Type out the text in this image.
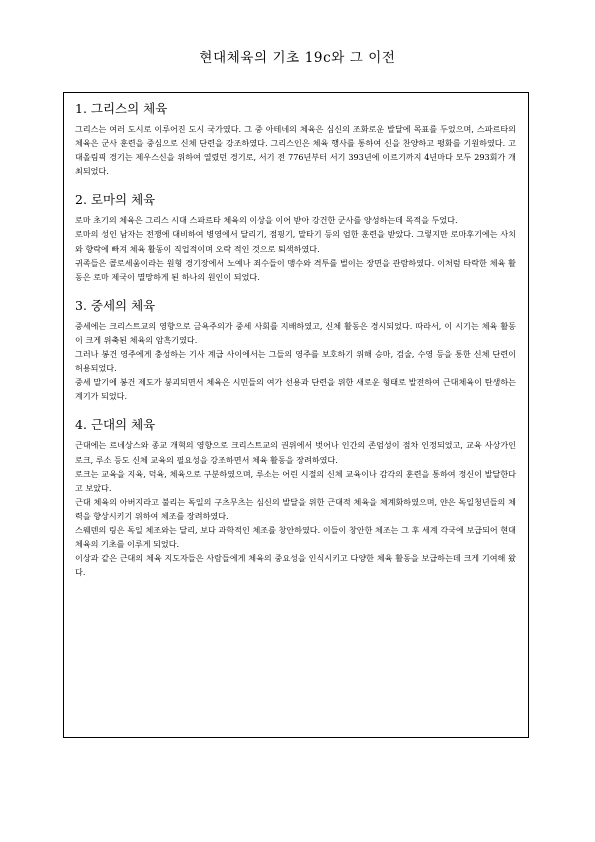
현대체육의 기초 19c와 그 이전
1. 그리스의 체육

그리스는 여러 도시로 이루어진 도시 국가였다. 그 중 아테네의 체육은 심신의 조화로운 발달에 목표를 두었으며, 스파르타의 체육은 군사 훈련을 중심으로 신체 단련을 강조하였다. 그리스인은 체육 행사를 통하여 신을 찬양하고 평화를 기원하였다. 고대올림픽 경기는 제우스신을 위하여 열렸던 경기로, 서기 전 776년부터 서기 393년에 이르기까지 4년마다 모두 293회가 개최되었다.

2. 로마의 체육

로마 초기의 체육은 그리스 시대 스파르타 체육의 이상을 이어 받아 강건한 군사를 양성하는데 목적을 두었다.

로마의 성인 남자는 전쟁에 대비하여 병영에서 달리기, 점핑기, 말타기 등의 엄한 훈련을 받았다. 그렇지만 로마후기에는 사치와 향락에 빠져 체육 활동이 직업적이며 오락 적인 것으로 퇴색하였다.

귀족들은 콜로세움이라는 원형 경기장에서 노예나 죄수들이 맹수와 격투를 벌이는 장면을 관람하였다. 이처럼 타락한 체육 활동은 로마 제국이 멸망하게 된 하나의 원인이 되었다.

3. 중세의 체육

중세에는 크리스트교의 영향으로 금욕주의가 중세 사회를 지배하였고, 신체 활동은 경시되었다. 따라서, 이 시기는 체육 활동이 크게 위축된 체육의 암흑기였다.

그러나 봉건 영주에게 충성하는 기사 계급 사이에서는 그들의 영주를 보호하기 위해 승마, 검술, 수영 등을 통한 신체 단련이 허용되었다.

중세 말기에 봉건 제도가 붕괴되면서 체육은 시민들의 여가 선용과 단련을 위한 새로운 형태로 발전하여 근대체육이 탄생하는 계기가 되었다.

4. 근대의 체육

근대에는 르네상스와 종교 개혁의 영향으로 크리스트교의 권위에서 벗어나 인간의 존엄성이 점차 인정되었고, 교육 사상가인 로크, 루소 등도 신체 교육의 필요성을 강조하면서 체육 활동을 장려하였다.

로크는 교육을 지육, 덕육, 체육으로 구분하였으며, 루소는 어린 시절의 신체 교육이나 감각의 훈련을 통하여 정신이 발달한다고 보았다.

근대 체육의 아버지라고 불리는 독일의 구츠무츠는 심신의 발달을 위한 근대적 체육을 체계화하였으며, 얀은 독일청년들의 체력을 향상시키기 위하여 체조를 장려하였다.

스웨덴의 링은 독일 체조와는 달리, 보다 과학적인 체조를 창안하였다. 이들이 창안한 체조는 그 후 세계 각국에 보급되어 현대 체육의 기초를 이루게 되었다.

이상과 같은 근대의 체육 지도자들은 사람들에게 체육의 중요성을 인식시키고 다양한 체육 활동을 보급하는데 크게 기여해 왔다.
